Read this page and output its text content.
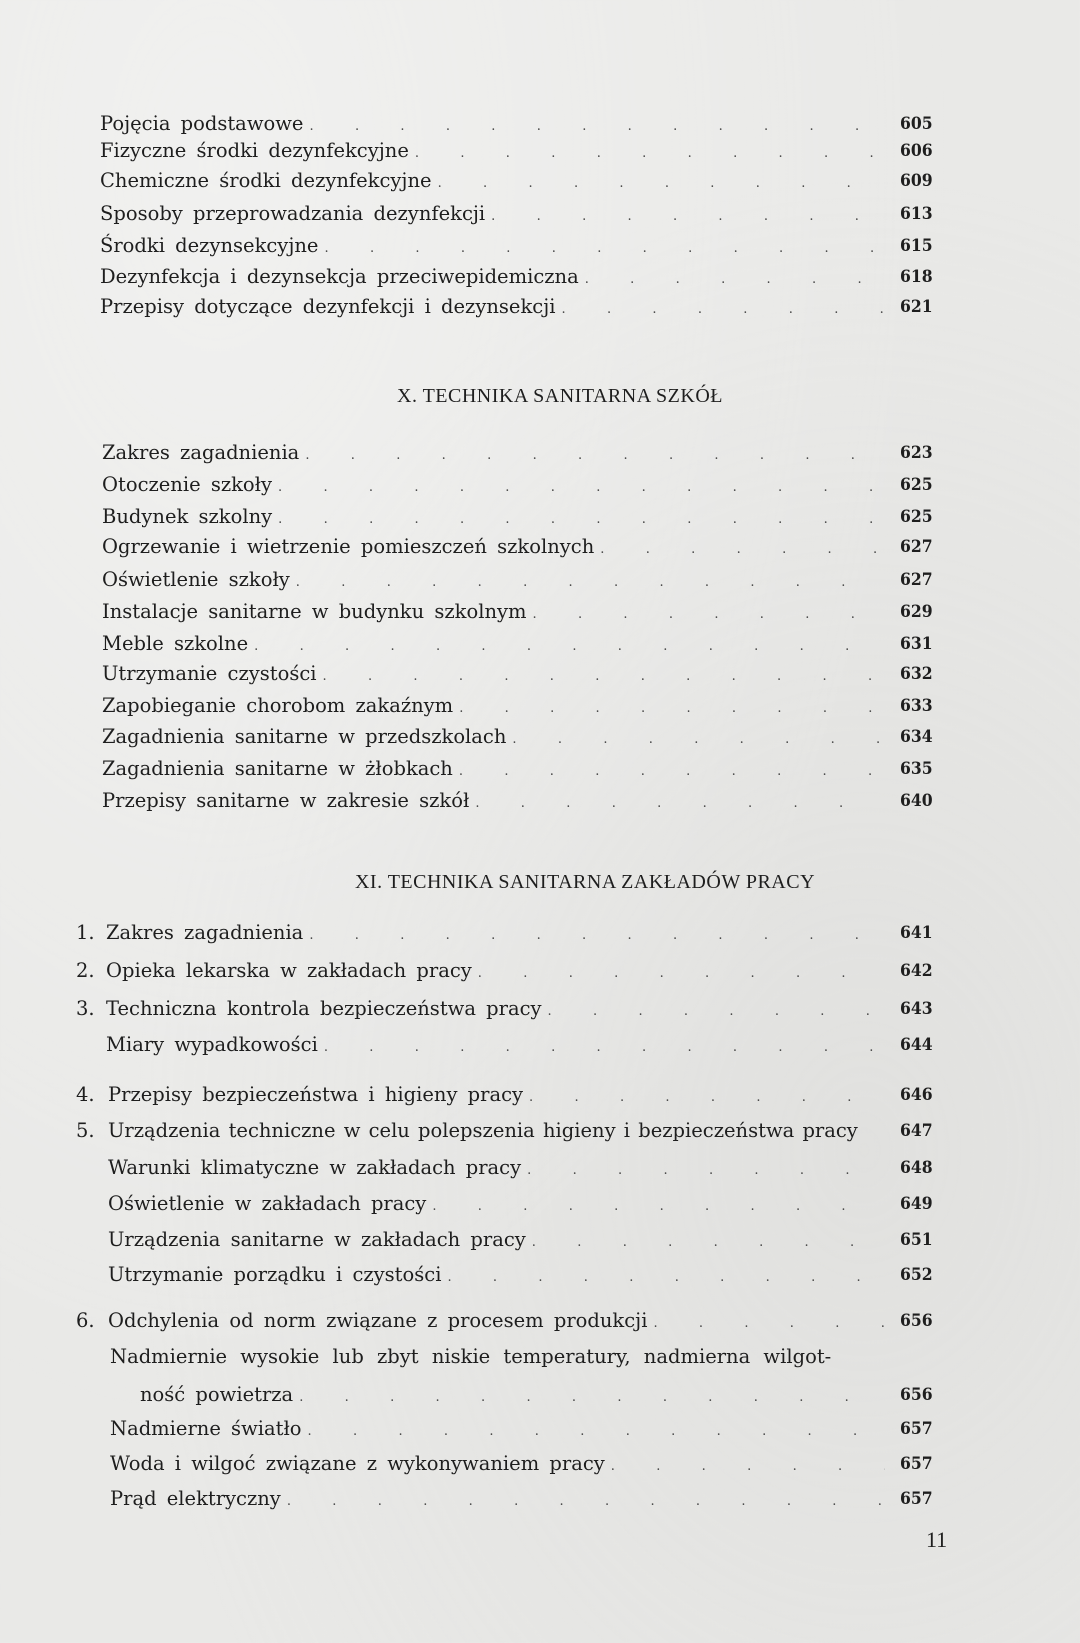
Pojęcia podstawowe .	605
Fizyczne środki dezynfekcyjne .	606
Chemiczne środki dezynfekcyjne .	609
Sposoby przeprowadzania dezynfekcji .	613
Środki dezynsekcyjne .	615
Dezynfekcja i dezynsekcja przeciwepidemiczna .	618
Przepisy dotyczące dezynfekcji i dezynsekcji .	621
X. TECHNIKA SANITARNA SZKÓŁ
Zakres zagadnienia .	623
Otoczenie szkoły .	625
Budynek szkolny .	625
Ogrzewanie i wietrzenie pomieszczeń szkolnych .	627
Oświetlenie szkoły .	627
Instalacje sanitarne w budynku szkolnym .	629
Meble szkolne .	631
Utrzymanie czystości .	632
Zapobieganie chorobom zakaźnym .	633
Zagadnienia sanitarne w przedszkolach .	634
Zagadnienia sanitarne w żłobkach .	635
Przepisy sanitarne w zakresie szkół .	640
XI. TECHNIKA SANITARNA ZAKŁADÓW PRACY
1. Zakres zagadnienia .	641
2. Opieka lekarska w zakładach pracy .	642
3. Techniczna kontrola bezpieczeństwa pracy .	643
Miary wypadkowości .	644
4. Przepisy bezpieczeństwa i higieny pracy .	646
5. Urządzenia techniczne w celu polepszenia higieny i bezpieczeństwa pracy	647
Warunki klimatyczne w zakładach pracy .	648
Oświetlenie w zakładach pracy .	649
Urządzenia sanitarne w zakładach pracy .	651
Utrzymanie porządku i czystości .	652
6. Odchylenia od norm związane z procesem produkcji .	656
Nadmiernie wysokie lub zbyt niskie temperatury, nadmierna wilgot-
ność powietrza .	656
Nadmierne światło .	657
Woda i wilgoć związane z wykonywaniem pracy .	657
Prąd elektryczny .	657
11
